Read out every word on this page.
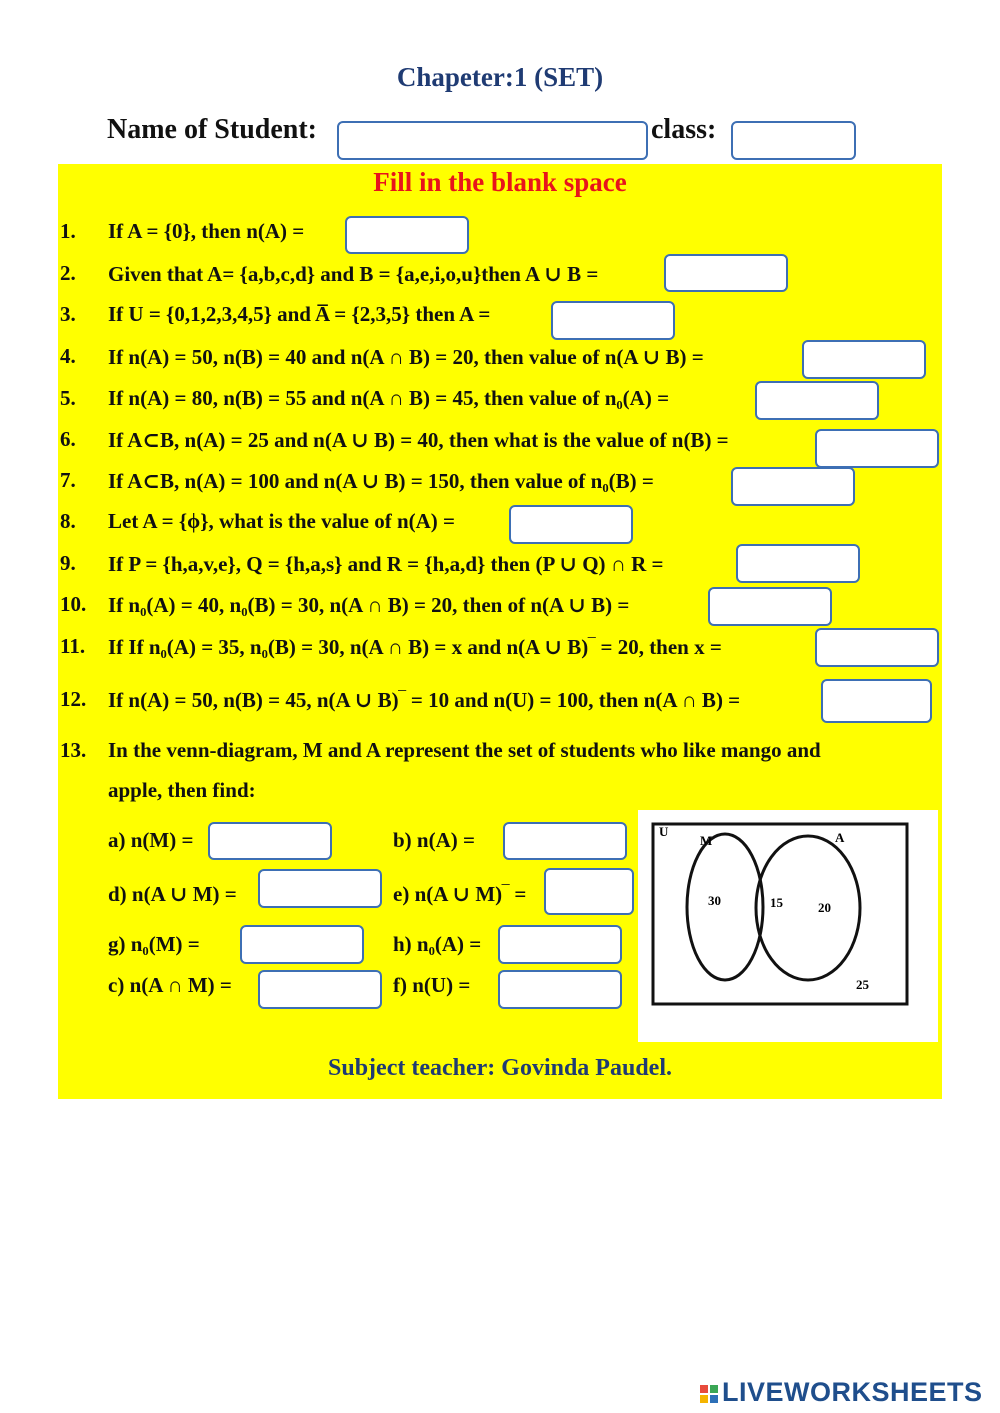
Chapeter:1 (SET)
Name of Student:	class:
Fill in the blank space
1. If A = {0}, then n(A) =
2. Given that A= {a,b,c,d} and B = {a,e,i,o,u}then A ∪ B =
3. If U = {0,1,2,3,4,5} and A̅ = {2,3,5} then A =
4. If n(A) = 50, n(B) = 40 and n(A ∩ B) = 20, then value of n(A ∪ B) =
5. If n(A) = 80, n(B) = 55 and n(A ∩ B) = 45, then value of n₀(A) =
6. If A⊂B, n(A) = 25 and n(A ∪ B) = 40, then what is the value of n(B) =
7. If A⊂B, n(A) = 100 and n(A ∪ B) = 150, then value of n₀(B) =
8. Let A = {ϕ}, what is the value of n(A) =
9. If P = {h,a,v,e}, Q = {h,a,s} and R = {h,a,d} then (P ∪ Q) ∩ R =
10. If n₀(A) = 40, n₀(B) = 30, n(A ∩ B) = 20, then of n(A ∪ B) =
11. If If n₀(A) = 35, n₀(B) = 30, n(A ∩ B) = x and n(A ∪ B)‾ = 20, then x =
12. If n(A) = 50, n(B) = 45, n(A ∪ B)‾ = 10 and n(U) = 100, then n(A ∩ B) =
13. In the venn-diagram, M and A represent the set of students who like mango and
apple, then find:
a) n(M) =	b) n(A) =
d) n(A ∪ M) =	e) n(A ∪ M)‾ =
g) n₀(M) =	h) n₀(A) =
c) n(A ∩ M) =	f) n(U) =
U
M	A
30	15	20
25
Subject teacher: Govinda Paudel.
LIVEWORKSHEETS
